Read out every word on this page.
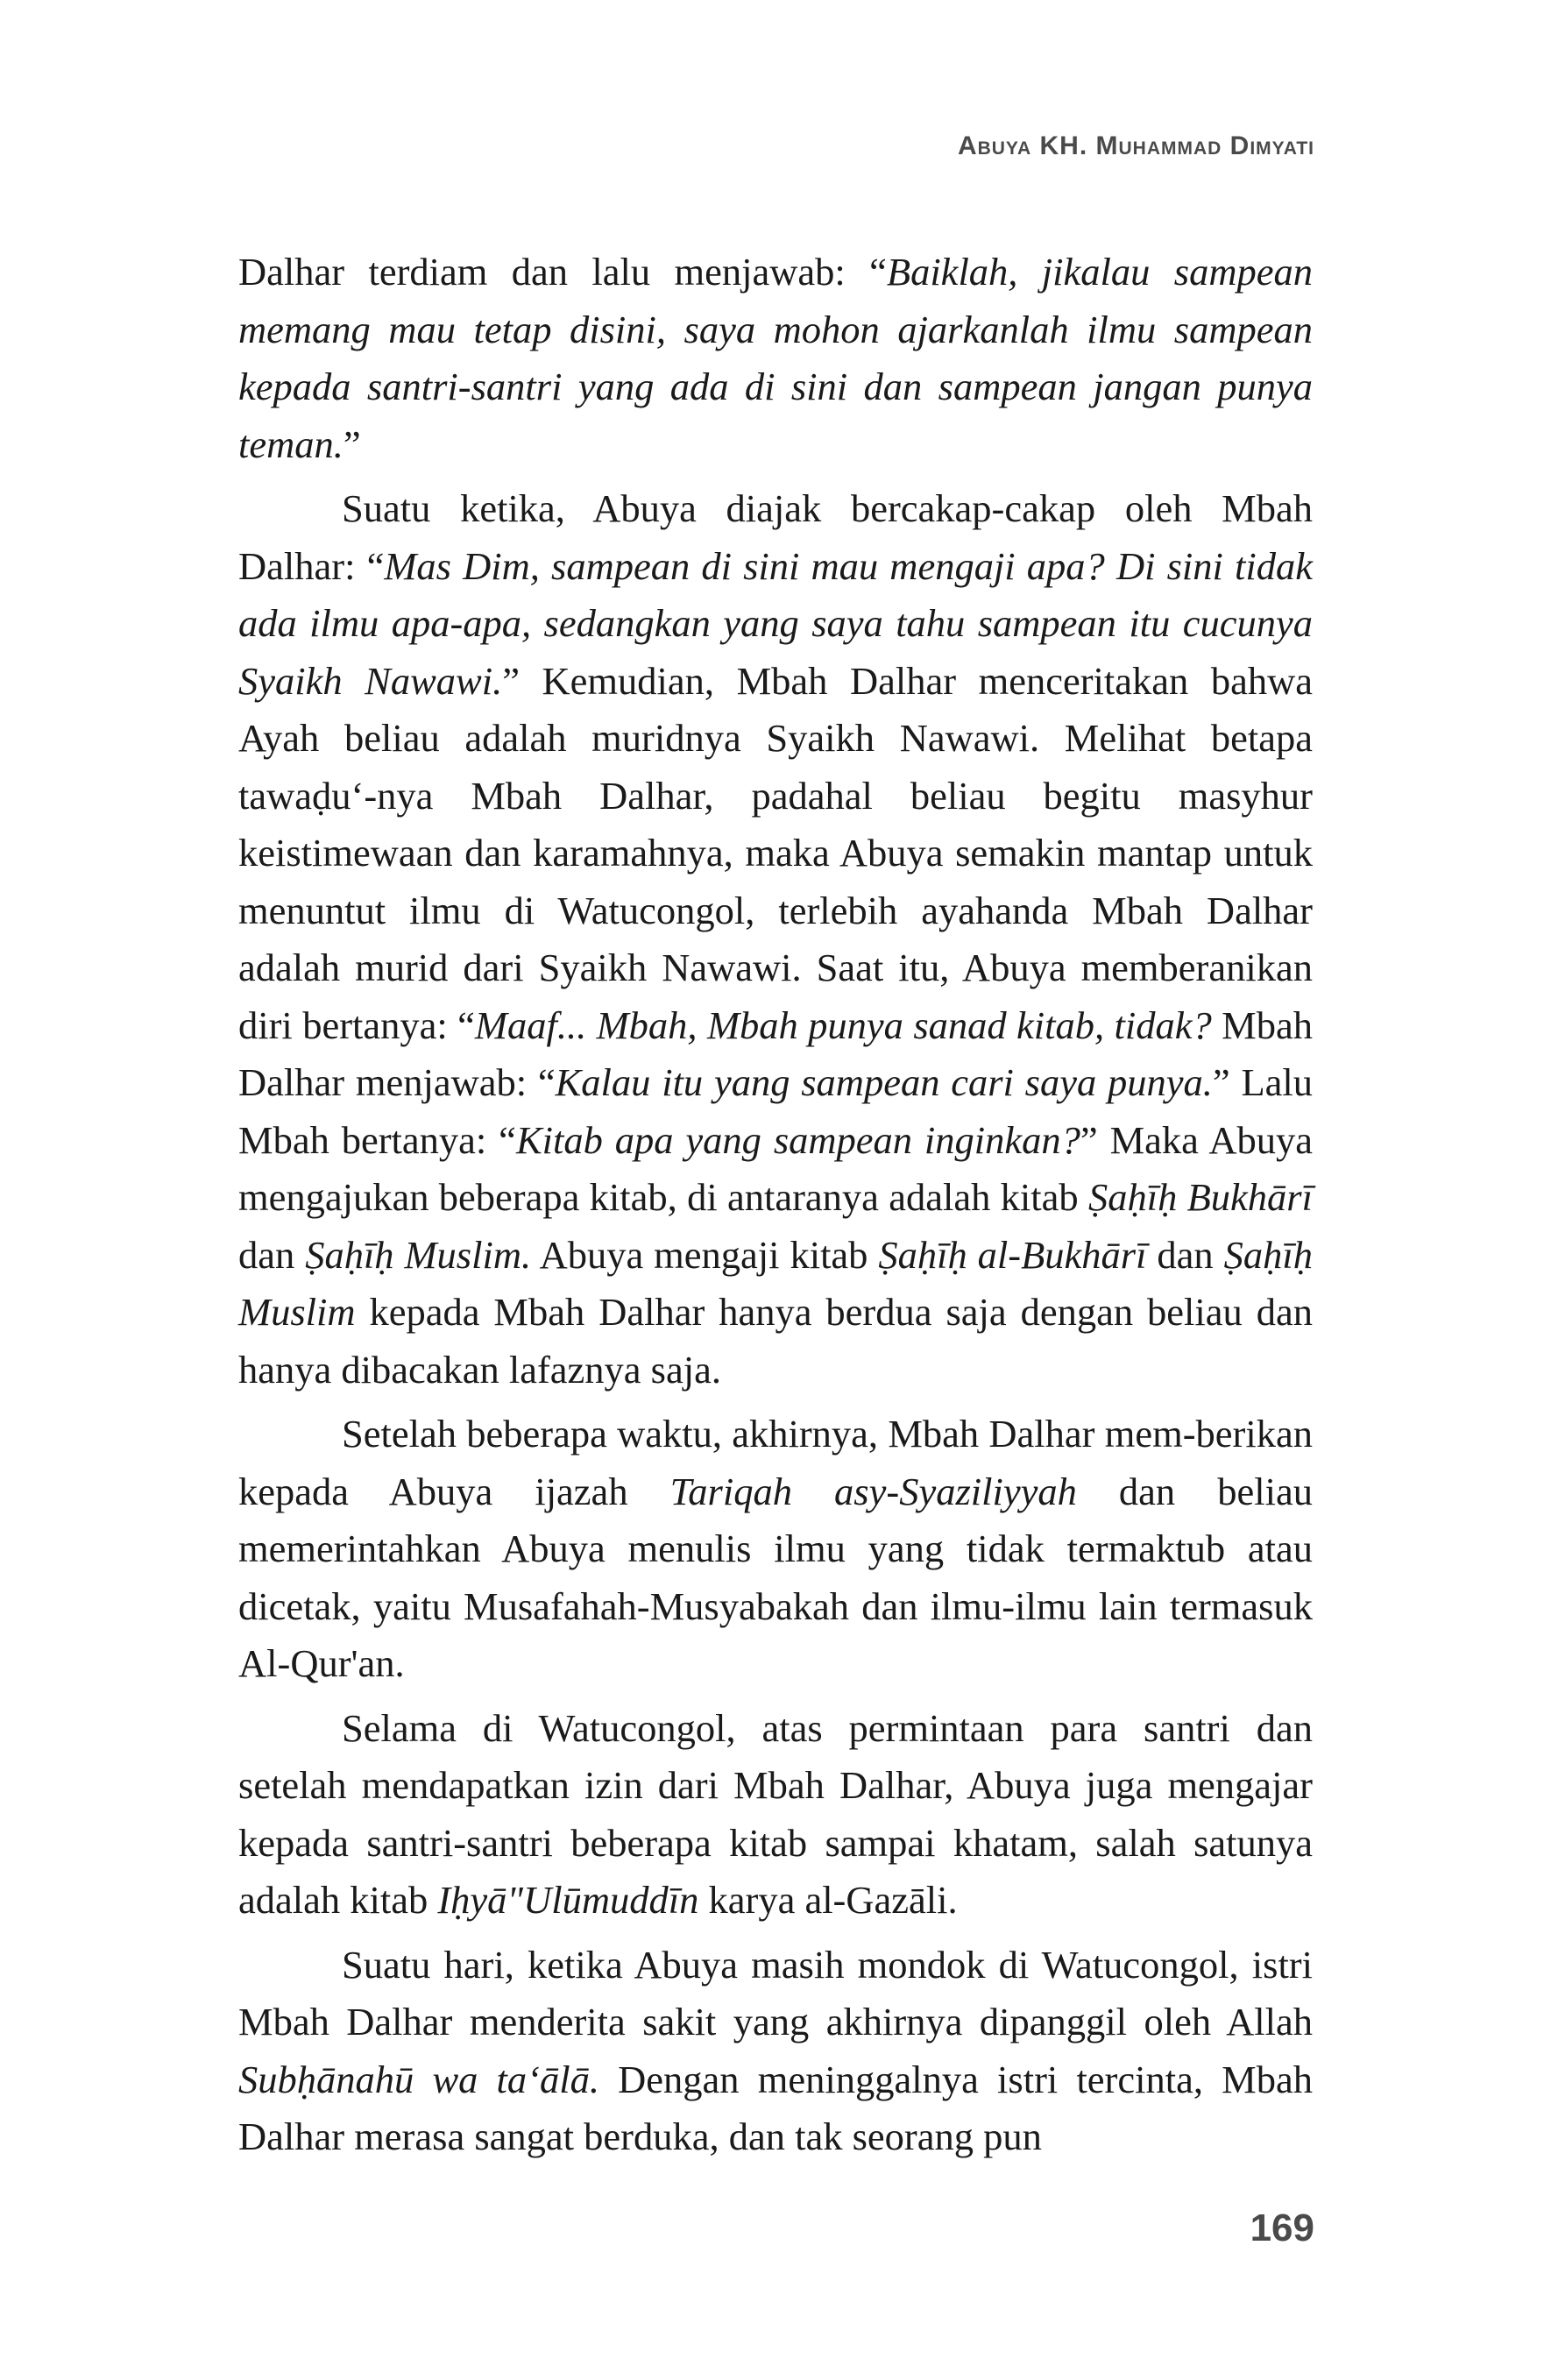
Abuya KH. Muhammad Dimyati

Dalhar terdiam dan lalu menjawab: “Baiklah, jikalau sampean memang mau tetap disini, saya mohon ajarkanlah ilmu sampean kepada santri-santri yang ada di sini dan sampean jangan punya teman.”

Suatu ketika, Abuya diajak bercakap-cakap oleh Mbah Dalhar: “Mas Dim, sampean di sini mau mengaji apa? Di sini tidak ada ilmu apa-apa, sedangkan yang saya tahu sampean itu cucunya Syaikh Nawawi.” Kemudian, Mbah Dalhar menceritakan bahwa Ayah beliau adalah muridnya Syaikh Nawawi. Melihat betapa tawaḍu‘-nya Mbah Dalhar, padahal beliau begitu masyhur keistimewaan dan karamahnya, maka Abuya semakin mantap untuk menuntut ilmu di Watucongol, terlebih ayahanda Mbah Dalhar adalah murid dari Syaikh Nawawi. Saat itu, Abuya memberanikan diri bertanya: “Maaf... Mbah, Mbah punya sanad kitab, tidak? Mbah Dalhar menjawab: “Kalau itu yang sampean cari saya punya.” Lalu Mbah bertanya: “Kitab apa yang sampean inginkan?” Maka Abuya mengajukan beberapa kitab, di antaranya adalah kitab Ṣaḥīḥ Bukhārī dan Ṣaḥīḥ Muslim. Abuya mengaji kitab Ṣaḥīḥ al-Bukhārī dan Ṣaḥīḥ Muslim kepada Mbah Dalhar hanya berdua saja dengan beliau dan hanya dibacakan lafaznya saja.

Setelah beberapa waktu, akhirnya, Mbah Dalhar mem-berikan kepada Abuya ijazah Tariqah asy-Syaziliyyah dan beliau memerintahkan Abuya menulis ilmu yang tidak termaktub atau dicetak, yaitu Musafahah-Musyabakah dan ilmu-ilmu lain termasuk Al-Qur'an.

Selama di Watucongol, atas permintaan para santri dan setelah mendapatkan izin dari Mbah Dalhar, Abuya juga mengajar kepada santri-santri beberapa kitab sampai khatam, salah satunya adalah kitab Iḥyā"Ulūmuddīn karya al-Gazāli.

Suatu hari, ketika Abuya masih mondok di Watucongol, istri Mbah Dalhar menderita sakit yang akhirnya dipanggil oleh Allah Subḥānahū wa ta‘ālā. Dengan meninggalnya istri tercinta, Mbah Dalhar merasa sangat berduka, dan tak seorang pun

169
